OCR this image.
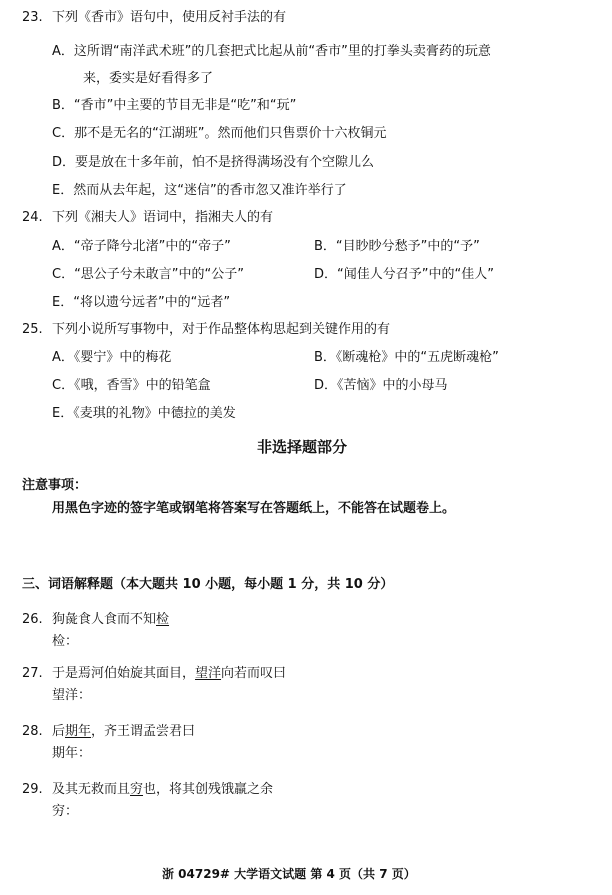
23. 下列《香市》语句中，使用反衬手法的有
A．这所谓“南洋武术班”的几套把式比起从前“香市”里的打拳头卖膏药的玩意
来，委实是好看得多了
B．“香市”中主要的节目无非是“吃”和“玩”
C．那不是无名的“江湖班”。然而他们只售票价十六枚铜元
D．要是放在十多年前，怕不是挤得满场没有个空隙儿么
E．然而从去年起，这“迷信”的香市忽又准许举行了
24. 下列《湘夫人》语词中，指湘夫人的有
A．“帝子降兮北渚”中的“帝子”	B．“目眇眇兮愁予”中的“予”
C．“思公子兮未敢言”中的“公子”	D．“闻佳人兮召予”中的“佳人”
E．“将以遗兮远者”中的“远者”
25. 下列小说所写事物中，对于作品整体构思起到关键作用的有
A．《婴宁》中的梅花	B．《断魂枪》中的“五虎断魂枪”
C．《哦，香雪》中的铅笔盒	D．《苦恼》中的小母马
E．《麦琪的礼物》中德拉的美发
非选择题部分
注意事项：
用黑色字迹的签字笔或钢笔将答案写在答题纸上，不能答在试题卷上。
三、词语解释题（本大题共 10 小题，每小题 1 分，共 10 分）
26. 狗彘食人食而不知检
检：
27. 于是焉河伯始旋其面目，望洋向若而叹曰
望洋：
28. 后期年，齐王谓孟尝君曰
期年：
29. 及其无救而且穷也，将其创残饿羸之余
穷：
浙 04729# 大学语文试题 第 4 页（共 7 页）
